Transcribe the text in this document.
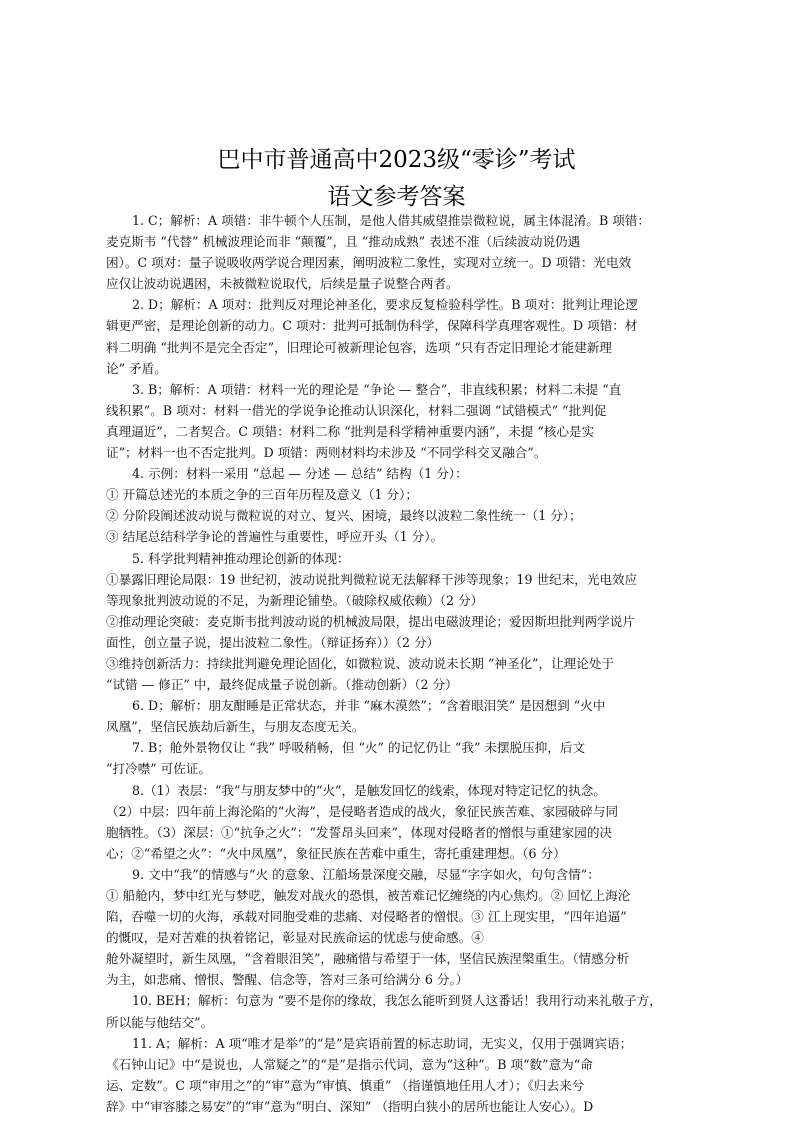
巴中市普通高中2023级“零诊”考试
语文参考答案
1. C；解析：A 项错：非牛顿个人压制，是他人借其威望推崇微粒说，属主体混淆。B 项错：
麦克斯韦 “代替” 机械波理论而非 “颠覆”，且 “推动成熟” 表述不准（后续波动说仍遇
困）。C 项对：量子说吸收两学说合理因素，阐明波粒二象性，实现对立统一。D 项错：光电效
应仅让波动说遇困，未被微粒说取代，后续是量子说整合两者。
2. D；解析：A 项对：批判反对理论神圣化，要求反复检验科学性。B 项对：批判让理论逻
辑更严密，是理论创新的动力。C 项对：批判可抵制伪科学，保障科学真理客观性。D 项错：材
料二明确 “批判不是完全否定”，旧理论可被新理论包容，选项 “只有否定旧理论才能建新理
论” 矛盾。
3. B；解析：A 项错：材料一光的理论是 “争论 — 整合”，非直线积累；材料二未提 “直
线积累”。B 项对：材料一借光的学说争论推动认识深化，材料二强调 “试错模式” “批判促
真理逼近”，二者契合。C 项错：材料二称 “批判是科学精神重要内涵”，未提 “核心是实
证”；材料一也不否定批判。D 项错：两则材料均未涉及 “不同学科交叉融合”。
4. 示例：材料一采用 “总起 — 分述 — 总结” 结构（1 分）：
① 开篇总述光的本质之争的三百年历程及意义（1 分）；
② 分阶段阐述波动说与微粒说的对立、复兴、困境，最终以波粒二象性统一（1 分）；
③ 结尾总结科学争论的普遍性与重要性，呼应开头（1 分）。
5. 科学批判精神推动理论创新的体现：
①暴露旧理论局限：19 世纪初，波动说批判微粒说无法解释干涉等现象；19 世纪末，光电效应
等现象批判波动说的不足，为新理论铺垫。（破除权威依赖）（2 分）
②推动理论突破：麦克斯韦批判波动说的机械波局限，提出电磁波理论；爱因斯坦批判两学说片
面性，创立量子说，提出波粒二象性。（辩证扬弃））（2 分）
③维持创新活力：持续批判避免理论固化，如微粒说、波动说未长期 “神圣化”，让理论处于
“试错 — 修正” 中，最终促成量子说创新。（推动创新）（2 分）
6. D；解析：朋友酣睡是正常状态，并非 “麻木漠然”；“含着眼泪笑” 是因想到 “火中
凤凰”，坚信民族劫后新生，与朋友态度无关。
7. B；舱外景物仅让 “我” 呼吸稍畅，但 “火” 的记忆仍让 “我” 未摆脱压抑，后文
“打冷噤” 可佐证。
8.（1）表层：“我”与朋友梦中的“火”，是触发回忆的线索，体现对特定记忆的执念。
（2）中层：四年前上海沦陷的“火海”，是侵略者造成的战火，象征民族苦难、家园破碎与同
胞牺牲。（3）深层：①“抗争之火”：“发誓昂头回来”，体现对侵略者的憎恨与重建家园的决
心；②“希望之火”：“火中凤凰”，象征民族在苦难中重生，寄托重建理想。（6 分）
9. 文中“我”的情感与“火 的意象、江船场景深度交融，尽显“字字如火，句句含情”：
① 船舱内，梦中红光与梦呓，触发对战火的恐惧，被苦难记忆缠绕的内心焦灼。② 回忆上海沦
陷，吞噬一切的火海，承载对同胞受难的悲痛、对侵略者的憎恨。③ 江上现实里，“四年追逼”
的慨叹，是对苦难的执着铭记，彰显对民族命运的忧虑与使命感。④
舱外凝望时，新生凤凰，“含着眼泪笑”，融痛惜与希望于一体，坚信民族涅槃重生。（情感分析
为主，如悲痛、憎恨、警醒、信念等，答对三条可给满分 6 分。）
10. BEH；解析：句意为 “要不是你的缘故，我怎么能听到贤人这番话！我用行动来礼敬子方，
所以能与他结交”。
11. A；解析：A 项“唯才是举”的“是”是宾语前置的标志助词，无实义，仅用于强调宾语；
《石钟山记》中“是说也，人常疑之”的“是”是指示代词，意为“这种”。B 项“数”意为“命
运、定数”。C 项“审用之”的“审”意为“审慎、慎重” （指谨慎地任用人才）；《归去来兮
辞》中“审容膝之易安”的“审”意为“明白、深知” （指明白狭小的居所也能让人安心）。D
